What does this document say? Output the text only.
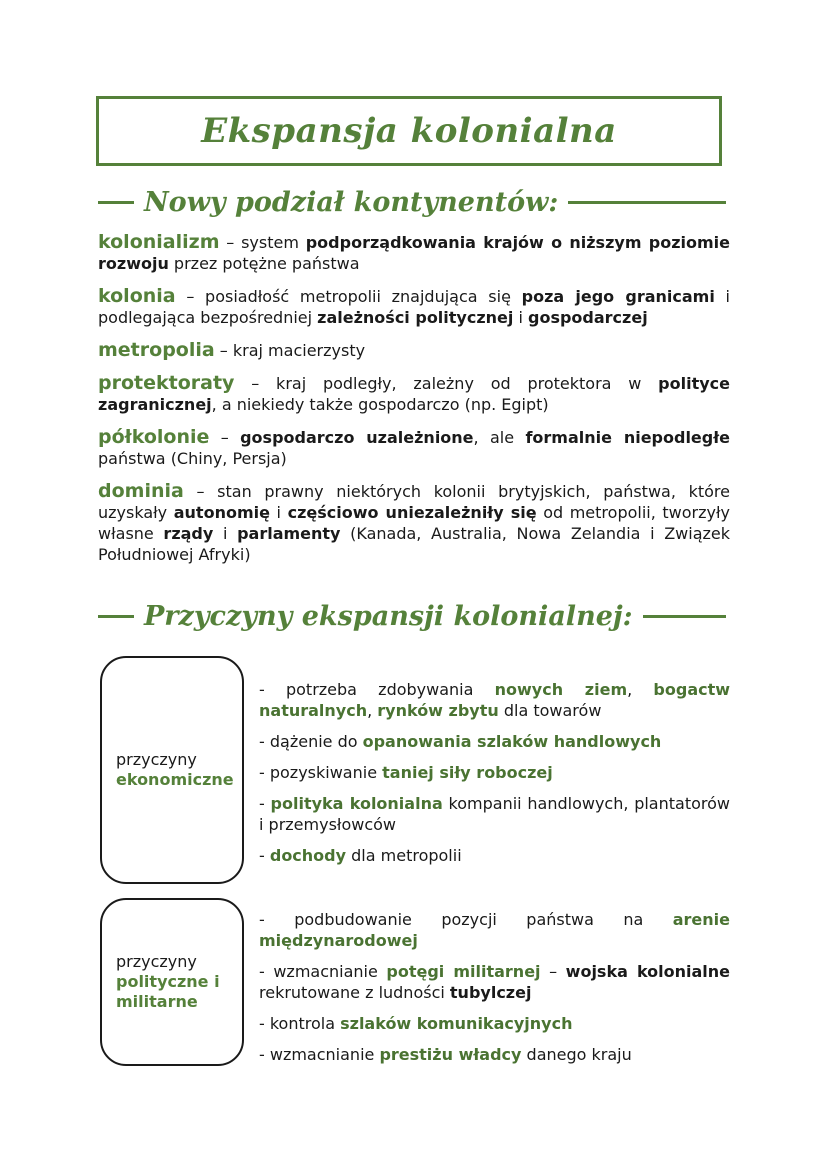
Ekspansja kolonialna
Nowy podział kontynentów:
kolonializm – system podporządkowania krajów o niższym poziomie rozwoju przez potężne państwa
kolonia – posiadłość metropolii znajdująca się poza jego granicami i podlegająca bezpośredniej zależności politycznej i gospodarczej
metropolia – kraj macierzysty
protektoraty – kraj podległy, zależny od protektora w polityce zagranicznej, a niekiedy także gospodarczo (np. Egipt)
półkolonie – gospodarczo uzależnione, ale formalnie niepodległe państwa (Chiny, Persja)
dominia – stan prawny niektórych kolonii brytyjskich, państwa, które uzyskały autonomię i częściowo uniezależniły się od metropolii, tworzyły własne rządy i parlamenty (Kanada, Australia, Nowa Zelandia i Związek Południowej Afryki)
Przyczyny ekspansji kolonialnej:
przyczyny
ekonomiczne
- potrzeba zdobywania nowych ziem, bogactw naturalnych, rynków zbytu dla towarów
- dążenie do opanowania szlaków handlowych
- pozyskiwanie taniej siły roboczej
- polityka kolonialna kompanii handlowych, plantatorów i przemysłowców
- dochody dla metropolii
przyczyny
polityczne i
militarne
- podbudowanie pozycji państwa na arenie międzynarodowej
- wzmacnianie potęgi militarnej – wojska kolonialne rekrutowane z ludności tubylczej
- kontrola szlaków komunikacyjnych
- wzmacnianie prestiżu władcy danego kraju
